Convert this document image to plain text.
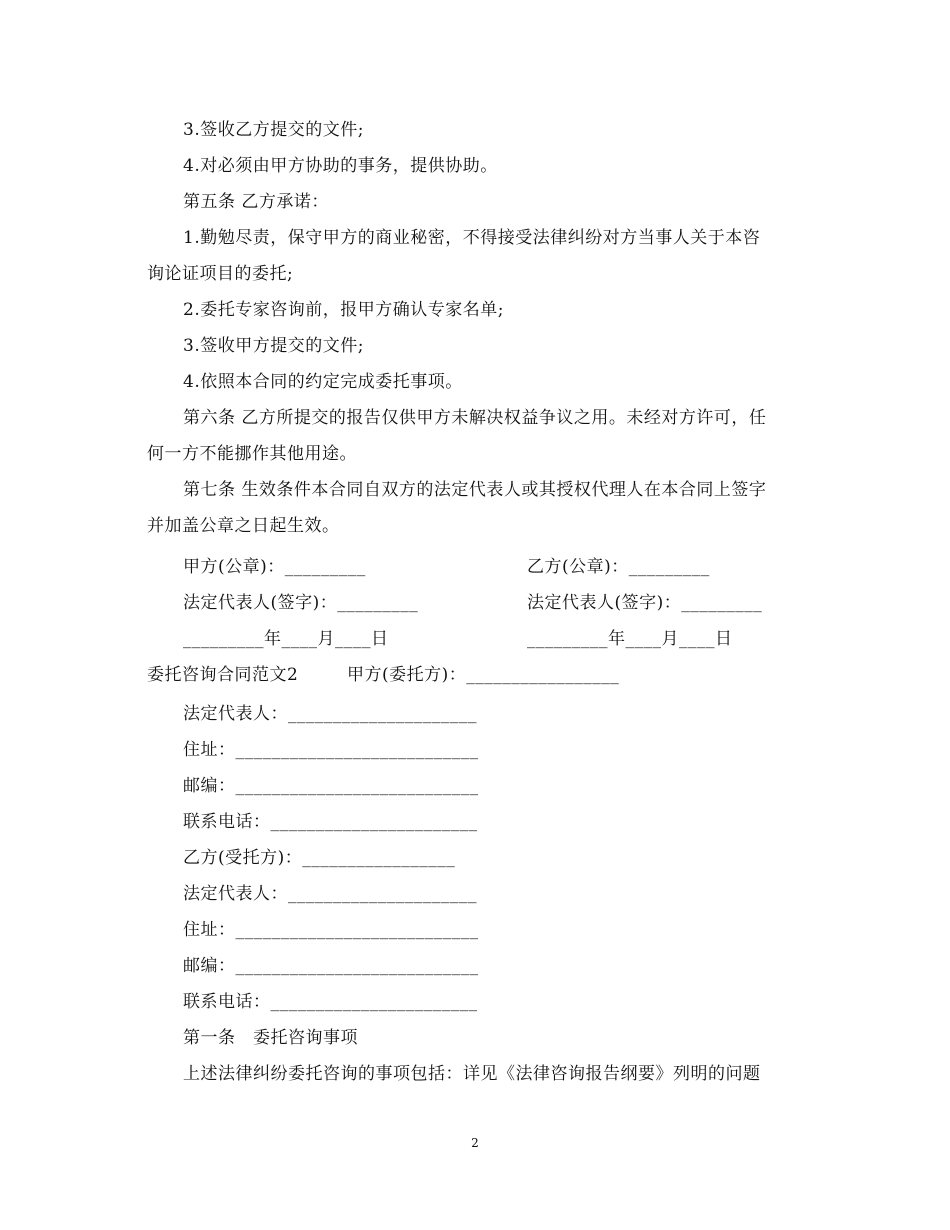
3.签收乙方提交的文件;
4.对必须由甲方协助的事务，提供协助。
第五条 乙方承诺：
1.勤勉尽责，保守甲方的商业秘密，不得接受法律纠纷对方当事人关于本咨
询论证项目的委托;
2.委托专家咨询前，报甲方确认专家名单;
3.签收甲方提交的文件;
4.依照本合同的约定完成委托事项。
第六条 乙方所提交的报告仅供甲方未解决权益争议之用。未经对方许可，任
何一方不能挪作其他用途。
第七条 生效条件本合同自双方的法定代表人或其授权代理人在本合同上签字
并加盖公章之日起生效。
甲方(公章)：_________	乙方(公章)：_________
法定代表人(签字)：_________	法定代表人(签字)：_________
_________年____月____日	_________年____月____日
委托咨询合同范文2	甲方(委托方)：_________________
法定代表人：_____________________
住址：___________________________
邮编：___________________________
联系电话：_______________________
乙方(受托方)：_________________
法定代表人：_____________________
住址：___________________________
邮编：___________________________
联系电话：_______________________
第一条　委托咨询事项
上述法律纠纷委托咨询的事项包括：详见《法律咨询报告纲要》列明的问题
2
